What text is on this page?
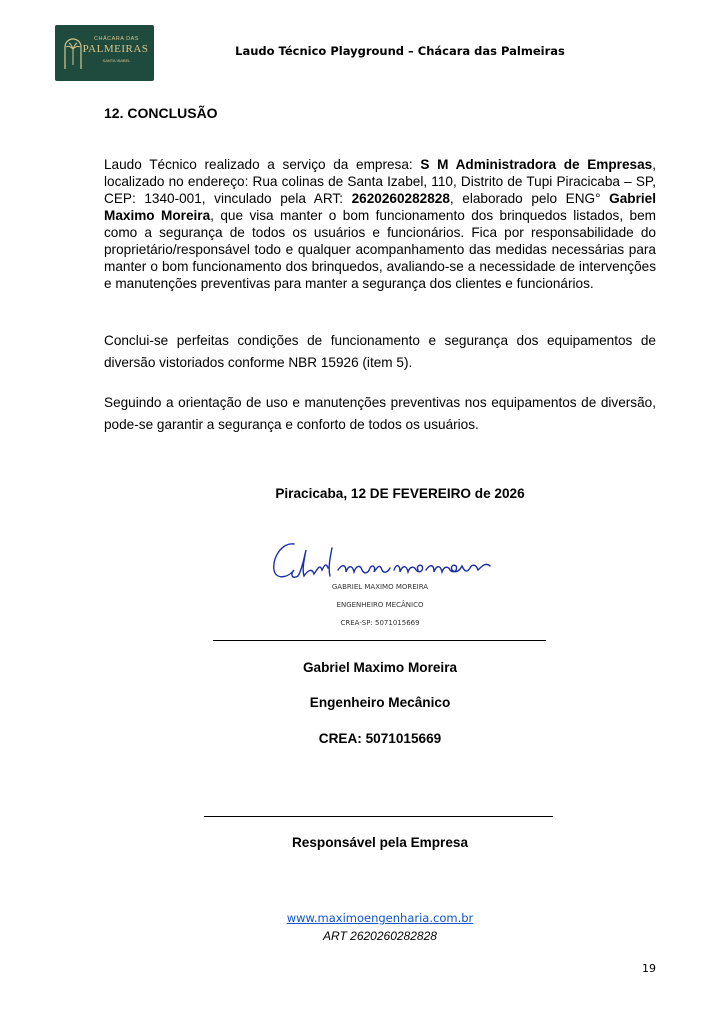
CHÁCARA DAS
PALMEIRAS
SANTA ISABEL
Laudo Técnico Playground – Chácara das Palmeiras
12. CONCLUSÃO
Laudo Técnico realizado a serviço da empresa: S M Administradora de Empresas, localizado no endereço: Rua colinas de Santa Izabel, 110, Distrito de Tupi Piracicaba – SP, CEP: 1340-001, vinculado pela ART: 2620260282828, elaborado pelo ENG° Gabriel Maximo Moreira, que visa manter o bom funcionamento dos brinquedos listados, bem como a segurança de todos os usuários e funcionários. Fica por responsabilidade do proprietário/responsável todo e qualquer acompanhamento das medidas necessárias para manter o bom funcionamento dos brinquedos, avaliando-se a necessidade de intervenções e manutenções preventivas para manter a segurança dos clientes e funcionários.
Conclui-se perfeitas condições de funcionamento e segurança dos equipamentos de diversão vistoriados conforme NBR 15926 (item 5).
Seguindo a orientação de uso e manutenções preventivas nos equipamentos de diversão, pode-se garantir a segurança e conforto de todos os usuários.
Piracicaba, 12 DE FEVEREIRO de 2026
GABRIEL MAXIMO MOREIRA
ENGENHEIRO MECÂNICO
CREA-SP: 5071015669
Gabriel Maximo Moreira
Engenheiro Mecânico
CREA: 5071015669
Responsável pela Empresa
www.maximoengenharia.com.br
ART 2620260282828
19
